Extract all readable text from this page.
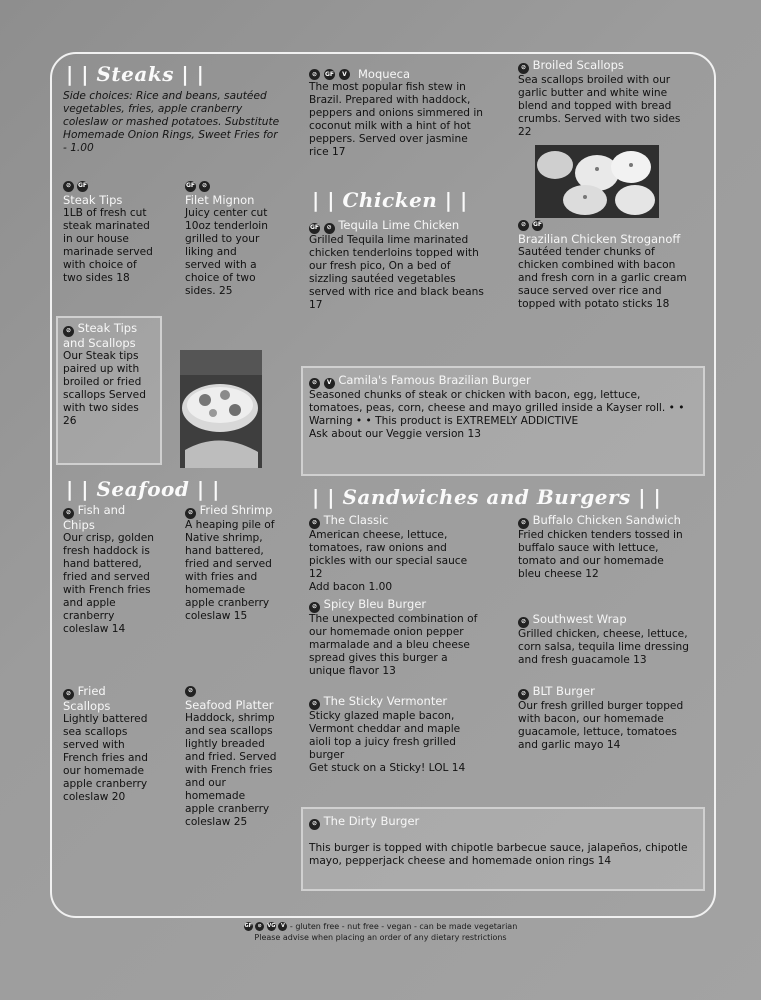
| | Steaks | |
Side choices: Rice and beans, sautéed vegetables, fries, apple cranberry coleslaw or mashed potatoes. Substitute Homemade Onion Rings, Sweet Fries for - 1.00
⊘	GF
Steak Tips
1LB of fresh cut steak marinated in our house marinade served with choice of two sides 18
GF	⊘
Filet Mignon
Juicy center cut 10oz tenderloin grilled to your liking and served with a choice of two sides. 25
⊘ Steak Tips and Scallops
Our Steak tips paired up with broiled or fried scallops Served with two sides 26
⊘	GF	V Moqueca
The most popular fish stew in Brazil. Prepared with haddock, peppers and onions simmered in coconut milk with a hint of hot peppers. Served over jasmine rice 17
⊘ Broiled Scallops
Sea scallops broiled with our garlic butter and white wine blend and topped with bread crumbs. Served with two sides 22
| | Chicken | |
GF ⊘ Tequila Lime Chicken
Grilled Tequila lime marinated chicken tenderloins topped with our fresh pico, On a bed of sizzling sautéed vegetables served with rice and black beans 17
⊘	GF
Brazilian Chicken Stroganoff
Sautéed tender chunks of chicken combined with bacon and fresh corn in a garlic cream sauce served over rice and topped with potato sticks 18
⊘ V Camila's Famous Brazilian Burger
Seasoned chunks of steak or chicken with bacon, egg, lettuce, tomatoes, peas, corn, cheese and mayo grilled inside a Kayser roll. • • Warning • • This product is EXTREMELY ADDICTIVE
Ask about our Veggie version 13
| | Seafood | |
⊘ Fish and Chips
Our crisp, golden fresh haddock is hand battered, fried and served with French fries and apple cranberry coleslaw 14
⊘ Fried Shrimp
A heaping pile of Native shrimp, hand battered, fried and served with fries and homemade apple cranberry coleslaw 15
⊘ Fried Scallops
Lightly battered sea scallops served with French fries and our homemade apple cranberry coleslaw 20
⊘
Seafood Platter
Haddock, shrimp and sea scallops lightly breaded and fried. Served with French fries and our homemade apple cranberry coleslaw 25
| | Sandwiches and Burgers | |
⊘ The Classic
American cheese, lettuce, tomatoes, raw onions and pickles with our special sauce 12
Add bacon 1.00
⊘ Buffalo Chicken Sandwich
Fried chicken tenders tossed in buffalo sauce with lettuce, tomato and our homemade bleu cheese 12
⊘ Spicy Bleu Burger
The unexpected combination of our homemade onion pepper marmalade and a bleu cheese spread gives this burger a unique flavor 13
⊘ Southwest Wrap
Grilled chicken, cheese, lettuce, corn salsa, tequila lime dressing and fresh guacamole 13
⊘ The Sticky Vermonter
Sticky glazed maple bacon, Vermont cheddar and maple aioli top a juicy fresh grilled burger
Get stuck on a Sticky! LOL 14
⊘ BLT Burger
Our fresh grilled burger topped with bacon, our homemade guacamole, lettuce, tomatoes and garlic mayo 14
⊘ The Dirty Burger
This burger is topped with chipotle barbecue sauce, jalapeños, chipotle mayo, pepperjack cheese and homemade onion rings 14
GF ⊘ VG V - gluten free - nut free - vegan - can be made vegetarian
Please advise when placing an order of any dietary restrictions
